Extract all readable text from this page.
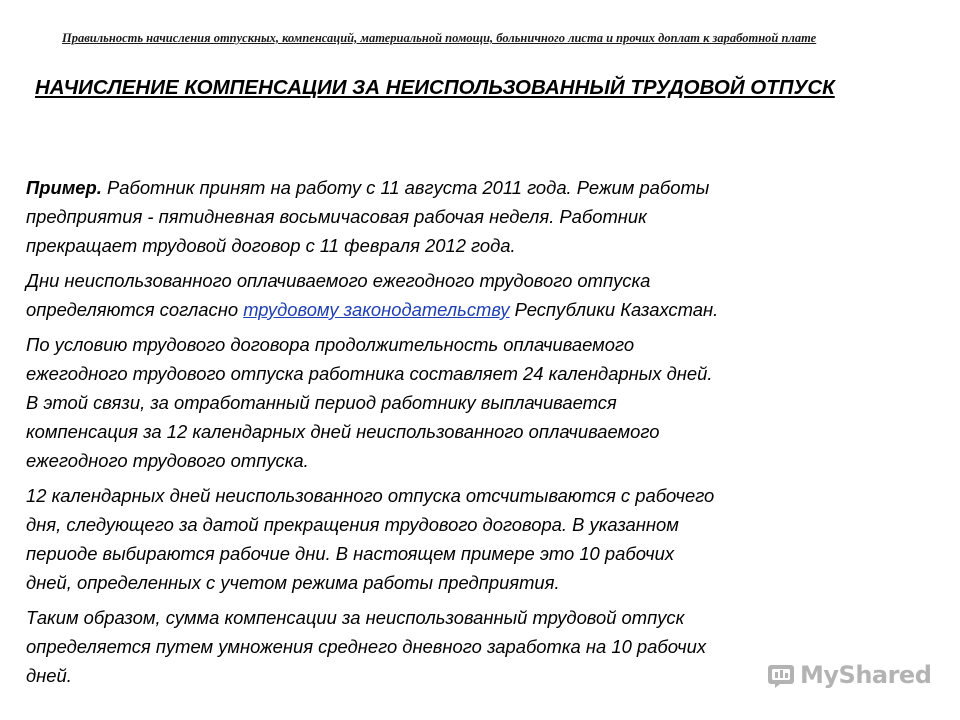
Правильность начисления отпускных, компенсаций, материальной помощи, больничного листа и прочих доплат к заработной плате
НАЧИСЛЕНИЕ КОМПЕНСАЦИИ ЗА НЕИСПОЛЬЗОВАННЫЙ ТРУДОВОЙ ОТПУСК

Пример. Работник принят на работу с 11 августа 2011 года. Режим работы
предприятия - пятидневная восьмичасовая рабочая неделя. Работник
прекращает трудовой договор с 11 февраля 2012 года.

Дни неиспользованного оплачиваемого ежегодного трудового отпуска
определяются согласно трудовому законодательству Республики Казахстан.

По условию трудового договора продолжительность оплачиваемого
ежегодного трудового отпуска работника составляет 24 календарных дней.
В этой связи, за отработанный период работнику выплачивается
компенсация за 12 календарных дней неиспользованного оплачиваемого
ежегодного трудового отпуска.

12 календарных дней неиспользованного отпуска отсчитываются с рабочего
дня, следующего за датой прекращения трудового договора. В указанном
периоде выбираются рабочие дни. В настоящем примере это 10 рабочих
дней, определенных с учетом режима работы предприятия.

Таким образом, сумма компенсации за неиспользованный трудовой отпуск
определяется путем умножения среднего дневного заработка на 10 рабочих
дней.	MyShared
